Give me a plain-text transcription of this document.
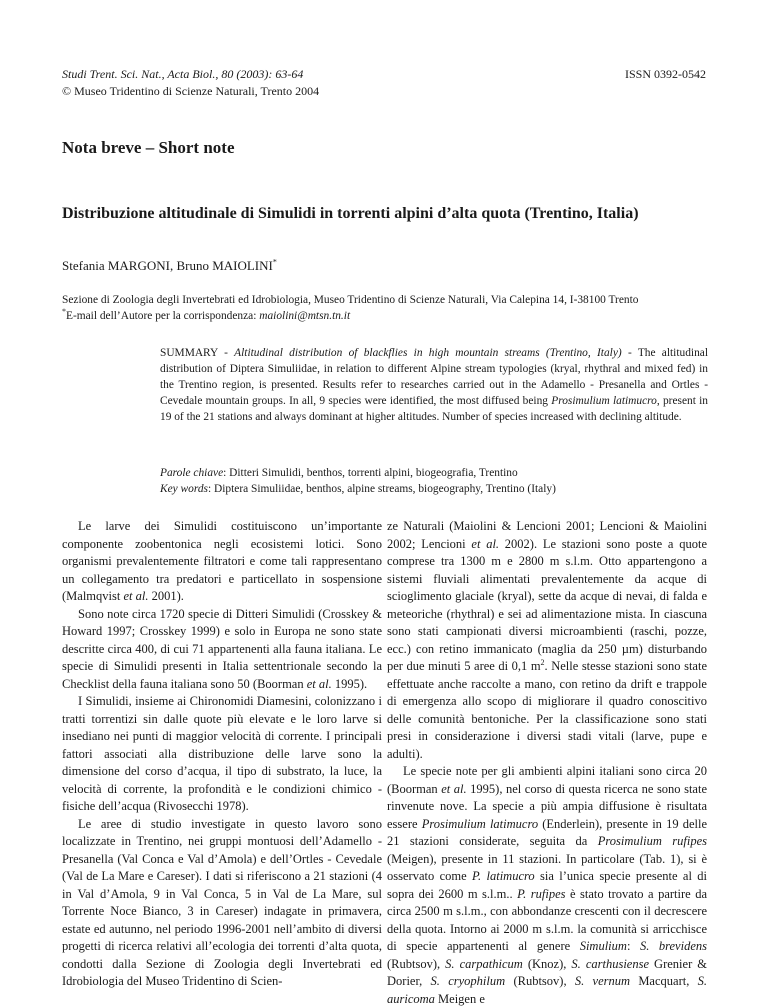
Studi Trent. Sci. Nat., Acta Biol., 80 (2003): 63-64
© Museo Tridentino di Scienze Naturali, Trento 2004
ISSN 0392-0542
Nota breve – Short note
Distribuzione altitudinale di Simulidi in torrenti alpini d’alta quota (Trentino, Italia)
Stefania MARGONI, Bruno MAIOLINI*
Sezione di Zoologia degli Invertebrati ed Idrobiologia, Museo Tridentino di Scienze Naturali, Via Calepina 14, I-38100 Trento
*E-mail dell’Autore per la corrispondenza: maiolini@mtsn.tn.it
SUMMARY - Altitudinal distribution of blackflies in high mountain streams (Trentino, Italy) - The altitudinal distribution of Diptera Simuliidae, in relation to different Alpine stream typologies (kryal, rhythral and mixed fed) in the Trentino region, is presented. Results refer to researches carried out in the Adamello - Presanella and Ortles - Cevedale mountain groups. In all, 9 species were identified, the most diffused being Prosimulium latimucro, present in 19 of the 21 stations and always dominant at higher altitudes. Number of species increased with declining altitude.
Parole chiave: Ditteri Simulidi, benthos, torrenti alpini, biogeografia, Trentino
Key words: Diptera Simuliidae, benthos, alpine streams, biogeography, Trentino (Italy)

Le larve dei Simulidi costituiscono un’importante componente zoobentonica negli ecosistemi lotici. Sono organismi prevalentemente filtratori e come tali rappresentano un collegamento tra predatori e particellato in sospensione (Malmqvist et al. 2001).

Sono note circa 1720 specie di Ditteri Simulidi (Crosskey & Howard 1997; Crosskey 1999) e solo in Europa ne sono state descritte circa 400, di cui 71 appartenenti alla fauna italiana. Le specie di Simulidi presenti in Italia settentrionale secondo la Checklist della fauna italiana sono 50 (Boorman et al. 1995).

I Simulidi, insieme ai Chironomidi Diamesini, colonizzano i tratti torrentizi sin dalle quote più elevate e le loro larve si insediano nei punti di maggior velocità di corrente. I principali fattori associati alla distribuzione delle larve sono la dimensione del corso d’acqua, il tipo di substrato, la luce, la velocità di corrente, la profondità e le condizioni chimico - fisiche dell’acqua (Rivosecchi 1978).

Le aree di studio investigate in questo lavoro sono localizzate in Trentino, nei gruppi montuosi dell’Adamello - Presanella (Val Conca e Val d’Amola) e dell’Ortles - Cevedale (Val de La Mare e Careser). I dati si riferiscono a 21 stazioni (4 in Val d’Amola, 9 in Val Conca, 5 in Val de La Mare, sul Torrente Noce Bianco, 3 in Careser) indagate in primavera, estate ed autunno, nel periodo 1996-2001 nell’ambito di diversi progetti di ricerca relativi all’ecologia dei torrenti d’alta quota, condotti dalla Sezione di Zoologia degli Invertebrati ed Idrobiologia del Museo Tridentino di Scien-

ze Naturali (Maiolini & Lencioni 2001; Lencioni & Maiolini 2002; Lencioni et al. 2002). Le stazioni sono poste a quote comprese tra 1300 m e 2800 m s.l.m. Otto appartengono a sistemi fluviali alimentati prevalentemente da acque di scioglimento glaciale (kryal), sette da acque di nevai, di falda e meteoriche (rhythral) e sei ad alimentazione mista. In ciascuna sono stati campionati diversi microambienti (raschi, pozze, ecc.) con retino immanicato (maglia da 250 µm) disturbando per due minuti 5 aree di 0,1 $m^2$. Nelle stesse stazioni sono state effettuate anche raccolte a mano, con retino da drift e trappole di emergenza allo scopo di migliorare il quadro conoscitivo delle comunità bentoniche. Per la classificazione sono stati presi in considerazione i diversi stadi vitali (larve, pupe e adulti).

Le specie note per gli ambienti alpini italiani sono circa 20 (Boorman et al. 1995), nel corso di questa ricerca ne sono state rinvenute nove. La specie a più ampia diffusione è risultata essere Prosimulium latimucro (Enderlein), presente in 19 delle 21 stazioni considerate, seguita da Prosimulium rufipes (Meigen), presente in 11 stazioni. In particolare (Tab. 1), si è osservato come P. latimucro sia l’unica specie presente al di sopra dei 2600 m s.l.m.. P. rufipes è stato trovato a partire da circa 2500 m s.l.m., con abbondanze crescenti con il decrescere della quota. Intorno ai 2000 m s.l.m. la comunità si arricchisce di specie appartenenti al genere Simulium: S. brevidens (Rubtsov), S. carpathicum (Knoz), S. carthusiense Grenier & Dorier, S. cryophilum (Rubtsov), S. vernum Macquart, S. auricoma Meigen e
